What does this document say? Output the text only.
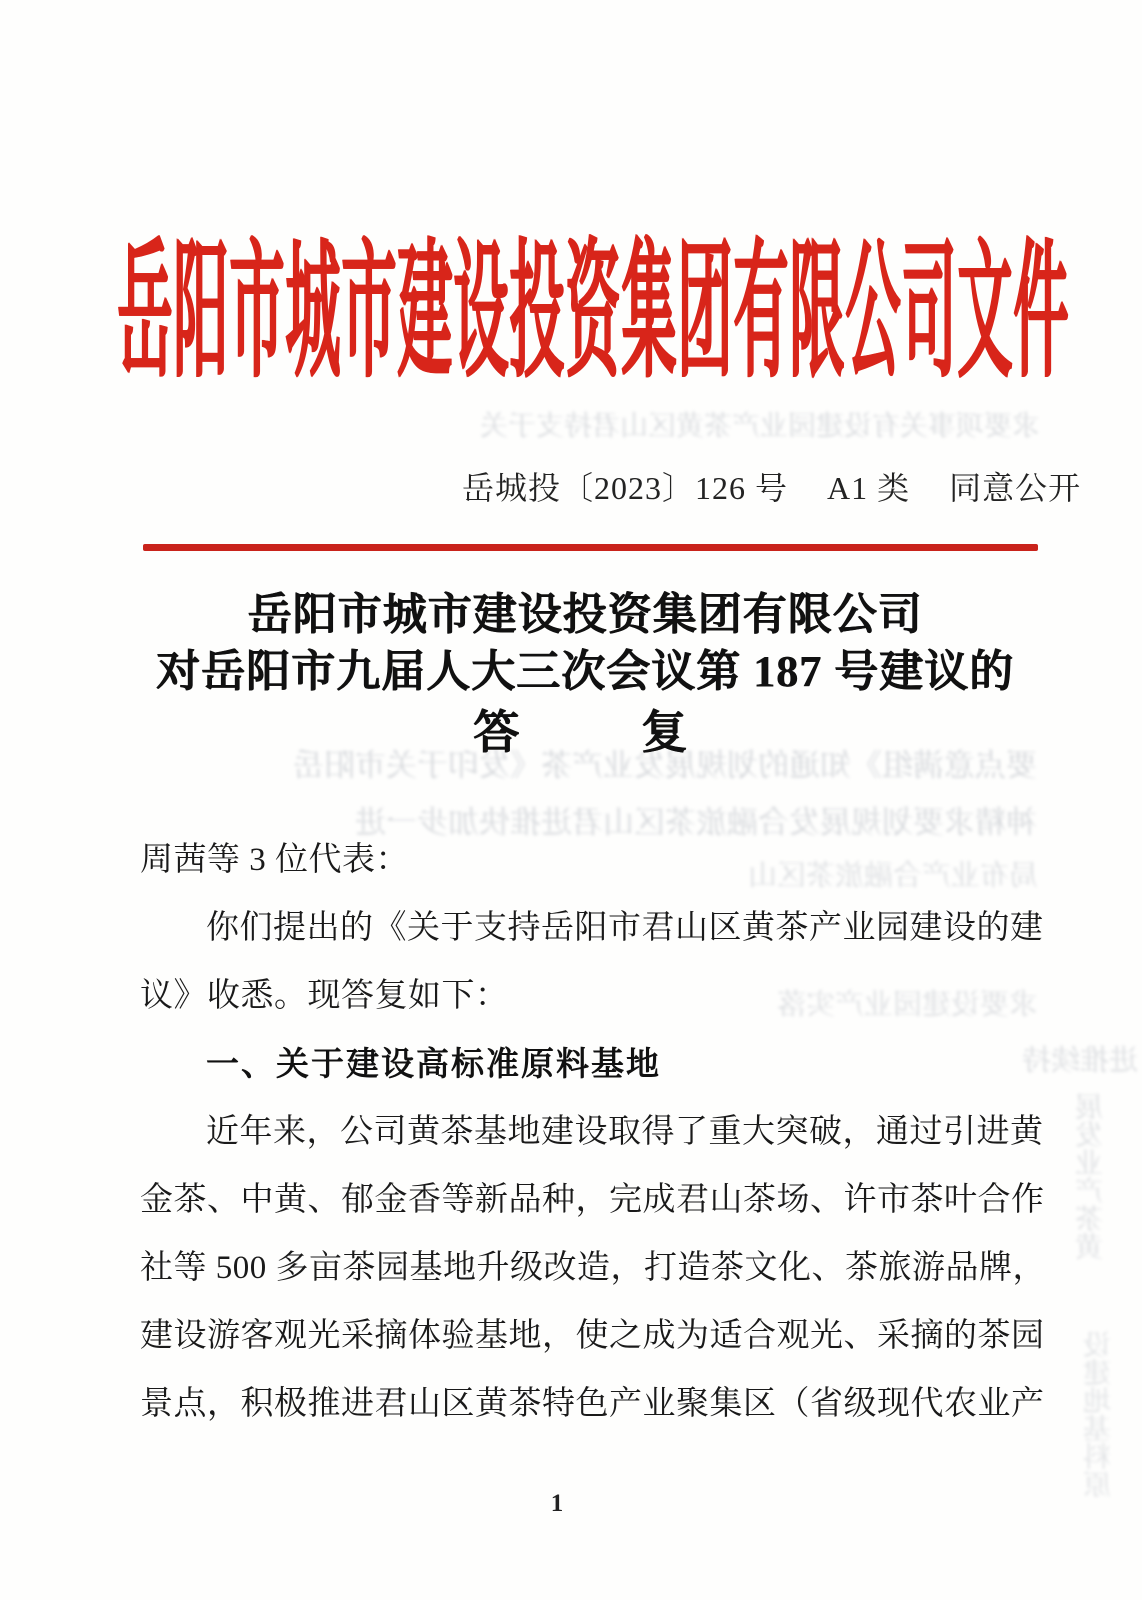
求要项事关有设建园业产茶黄区山君持支于关
要点意满组》知通的划规展发业产茶《发印于关市阳岳
神精求要划规展发合融旅茶区山君进推快加步一进
局布业产合融旅茶区山
求要设建园业产实落
进推续持
展发业产茶黄
设建地基料原
岳阳市城市建设投资集团有限公司文件
岳城投〔2023〕126 号 A1 类 同意公开
岳阳市城市建设投资集团有限公司
对岳阳市九届人大三次会议第 187 号建议的
答　　复
周茜等 3 位代表：
你们提出的《关于支持岳阳市君山区黄茶产业园建设的建
议》收悉。现答复如下：
一、关于建设高标准原料基地
近年来，公司黄茶基地建设取得了重大突破，通过引进黄
金茶、中黄、郁金香等新品种，完成君山茶场、许市茶叶合作
社等 500 多亩茶园基地升级改造，打造茶文化、茶旅游品牌，
建设游客观光采摘体验基地，使之成为适合观光、采摘的茶园
景点，积极推进君山区黄茶特色产业聚集区（省级现代农业产
1
